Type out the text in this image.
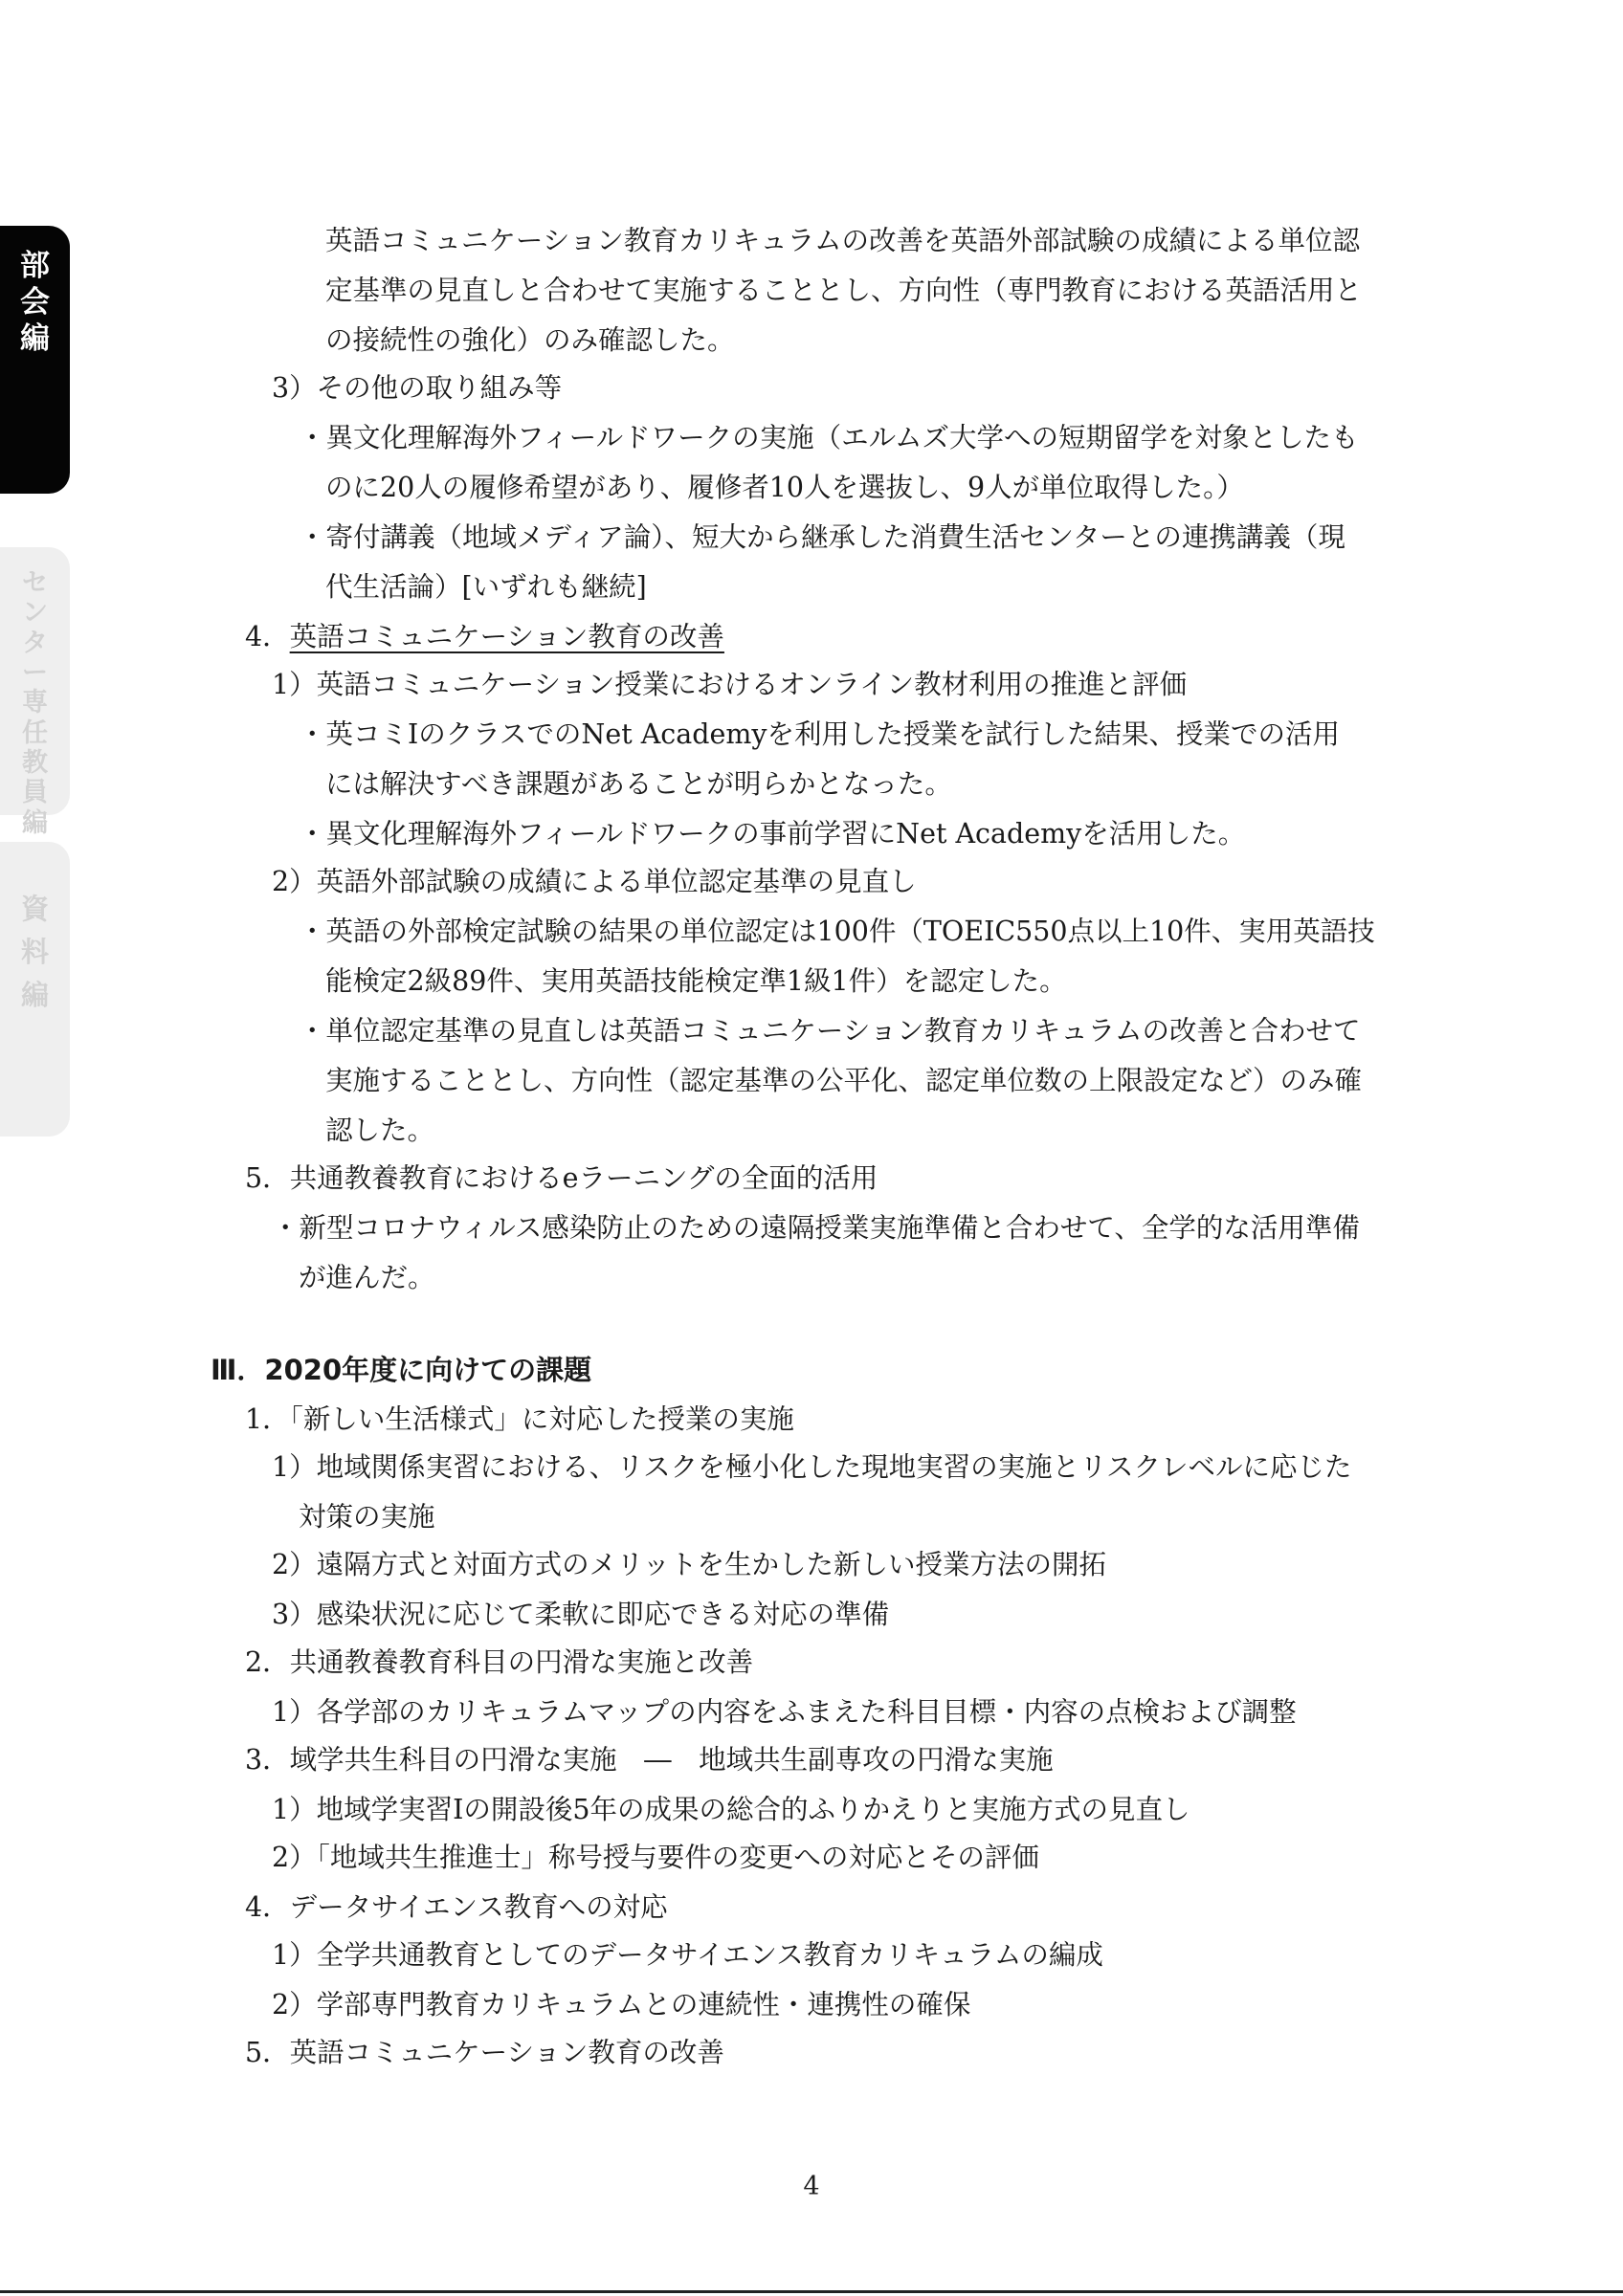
部
会
編
セ
ン
タ
ー
専
任
教
員
編
資
料
編
英語コミュニケーション教育カリキュラムの改善を英語外部試験の成績による単位認
定基準の見直しと合わせて実施することとし、方向性（専門教育における英語活用と
の接続性の強化）のみ確認した。
3）その他の取り組み等
・異文化理解海外フィールドワークの実施（エルムズ大学への短期留学を対象としたも
のに20人の履修希望があり、履修者10人を選抜し、9人が単位取得した。）
・寄付講義（地域メディア論）、短大から継承した消費生活センターとの連携講義（現
代生活論）[いずれも継続]
4．英語コミュニケーション教育の改善
1）英語コミュニケーション授業におけるオンライン教材利用の推進と評価
・英コミⅠのクラスでのNet Academyを利用した授業を試行した結果、授業での活用
には解決すべき課題があることが明らかとなった。
・異文化理解海外フィールドワークの事前学習にNet Academyを活用した。
2）英語外部試験の成績による単位認定基準の見直し
・英語の外部検定試験の結果の単位認定は100件（TOEIC550点以上10件、実用英語技
能検定2級89件、実用英語技能検定準1級1件）を認定した。
・単位認定基準の見直しは英語コミュニケーション教育カリキュラムの改善と合わせて
実施することとし、方向性（認定基準の公平化、認定単位数の上限設定など）のみ確
認した。
5．共通教養教育におけるeラーニングの全面的活用
・新型コロナウィルス感染防止のための遠隔授業実施準備と合わせて、全学的な活用準備
が進んだ。
1．「新しい生活様式」に対応した授業の実施
1）地域関係実習における、リスクを極小化した現地実習の実施とリスクレベルに応じた
対策の実施
2）遠隔方式と対面方式のメリットを生かした新しい授業方法の開拓
3）感染状況に応じて柔軟に即応できる対応の準備
2．共通教養教育科目の円滑な実施と改善
1）各学部のカリキュラムマップの内容をふまえた科目目標・内容の点検および調整
3．域学共生科目の円滑な実施　―　地域共生副専攻の円滑な実施
1）地域学実習Ⅰの開設後5年の成果の総合的ふりかえりと実施方式の見直し
2）「地域共生推進士」称号授与要件の変更への対応とその評価
4．データサイエンス教育への対応
1）全学共通教育としてのデータサイエンス教育カリキュラムの編成
2）学部専門教育カリキュラムとの連続性・連携性の確保
5．英語コミュニケーション教育の改善
Ⅲ．2020年度に向けての課題
4
